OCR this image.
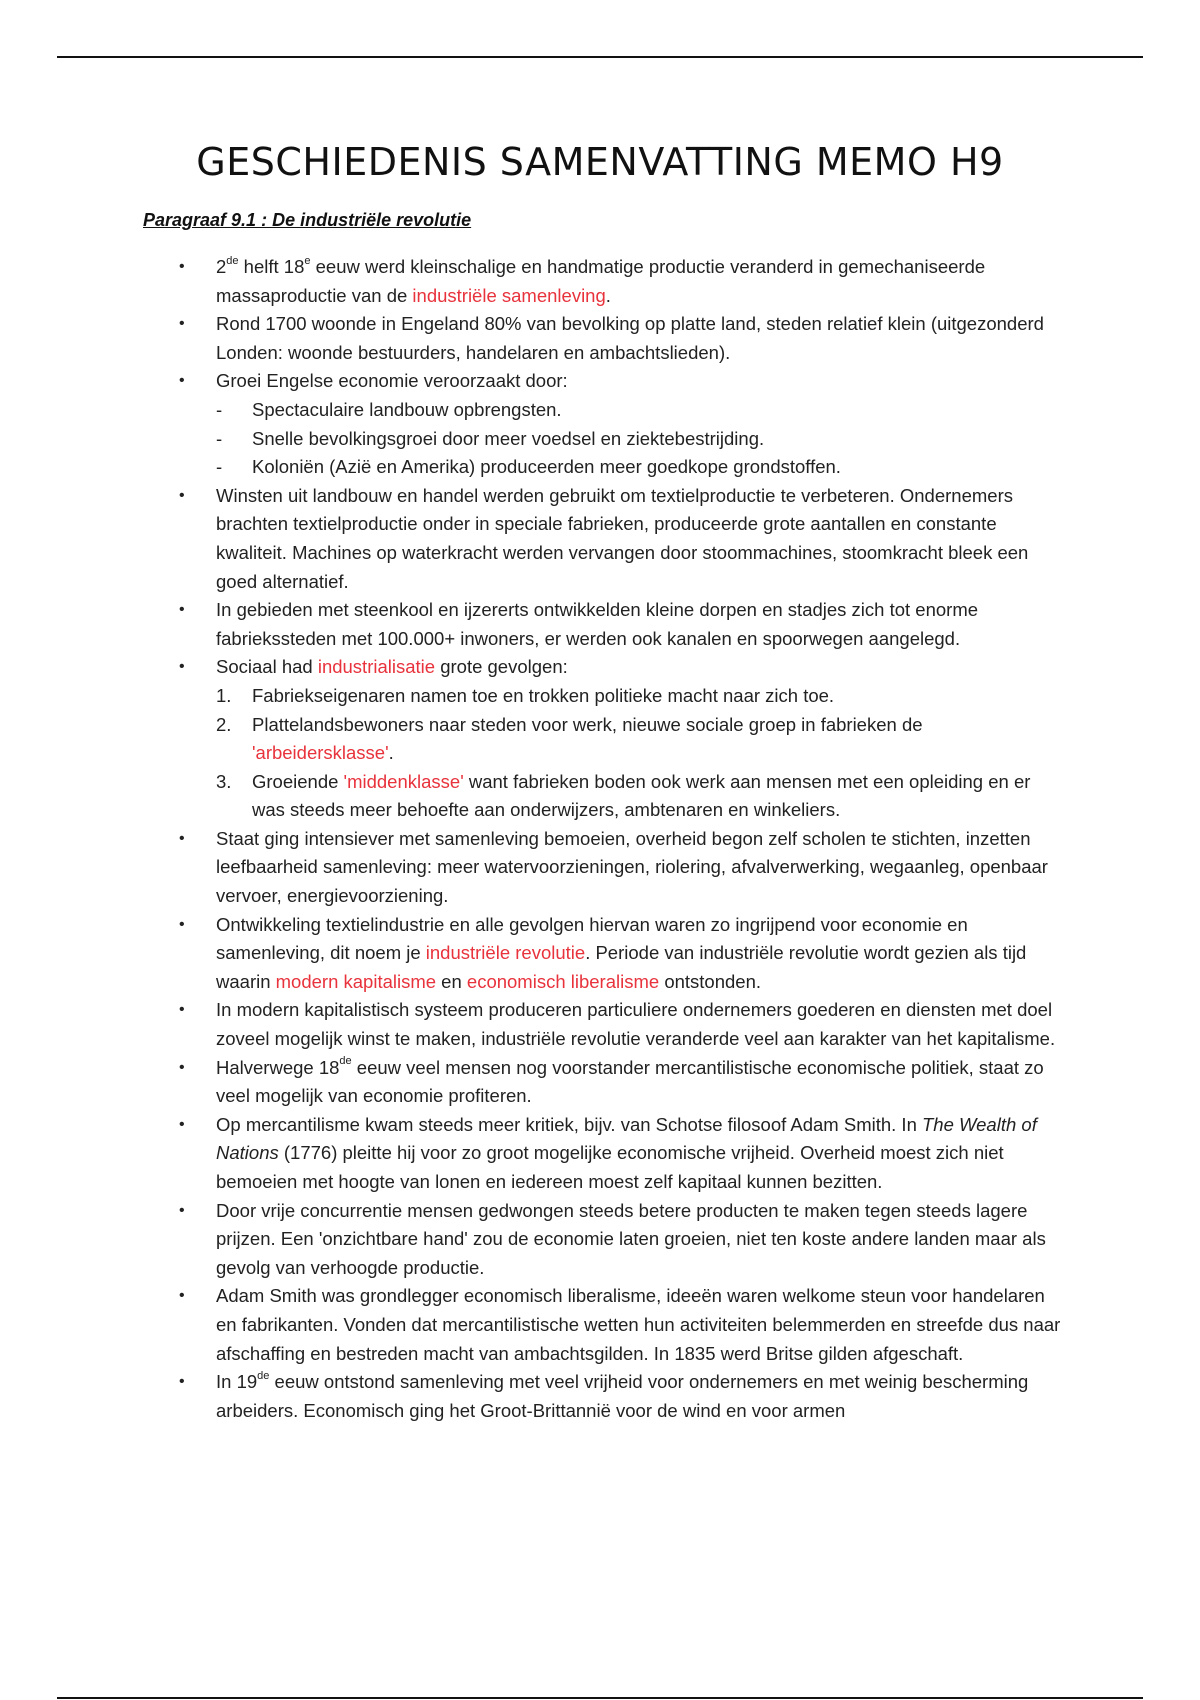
GESCHIEDENIS SAMENVATTING MEMO H9
Paragraaf 9.1 : De industriële revolutie
• 2de helft 18e eeuw werd kleinschalige en handmatige productie veranderd in gemechaniseerde massaproductie van de industriële samenleving.
• Rond 1700 woonde in Engeland 80% van bevolking op platte land, steden relatief klein (uitgezonderd Londen: woonde bestuurders, handelaren en ambachtslieden).
• Groei Engelse economie veroorzaakt door:
- Spectaculaire landbouw opbrengsten.
- Snelle bevolkingsgroei door meer voedsel en ziektebestrijding.
- Koloniën (Azië en Amerika) produceerden meer goedkope grondstoffen.
• Winsten uit landbouw en handel werden gebruikt om textielproductie te verbeteren. Ondernemers brachten textielproductie onder in speciale fabrieken, produceerde grote aantallen en constante kwaliteit. Machines op waterkracht werden vervangen door stoommachines, stoomkracht bleek een goed alternatief.
• In gebieden met steenkool en ijzererts ontwikkelden kleine dorpen en stadjes zich tot enorme fabriekssteden met 100.000+ inwoners, er werden ook kanalen en spoorwegen aangelegd.
• Sociaal had industrialisatie grote gevolgen:
1. Fabriekseigenaren namen toe en trokken politieke macht naar zich toe.
2. Plattelandsbewoners naar steden voor werk, nieuwe sociale groep in fabrieken de 'arbeidersklasse'.
3. Groeiende 'middenklasse' want fabrieken boden ook werk aan mensen met een opleiding en er was steeds meer behoefte aan onderwijzers, ambtenaren en winkeliers.
• Staat ging intensiever met samenleving bemoeien, overheid begon zelf scholen te stichten, inzetten leefbaarheid samenleving: meer watervoorzieningen, riolering, afvalverwerking, wegaanleg, openbaar vervoer, energievoorziening.
• Ontwikkeling textielindustrie en alle gevolgen hiervan waren zo ingrijpend voor economie en samenleving, dit noem je industriële revolutie. Periode van industriële revolutie wordt gezien als tijd waarin modern kapitalisme en economisch liberalisme ontstonden.
• In modern kapitalistisch systeem produceren particuliere ondernemers goederen en diensten met doel zoveel mogelijk winst te maken, industriële revolutie veranderde veel aan karakter van het kapitalisme.
• Halverwege 18de eeuw veel mensen nog voorstander mercantilistische economische politiek, staat zo veel mogelijk van economie profiteren.
• Op mercantilisme kwam steeds meer kritiek, bijv. van Schotse filosoof Adam Smith. In The Wealth of Nations (1776) pleitte hij voor zo groot mogelijke economische vrijheid. Overheid moest zich niet bemoeien met hoogte van lonen en iedereen moest zelf kapitaal kunnen bezitten.
• Door vrije concurrentie mensen gedwongen steeds betere producten te maken tegen steeds lagere prijzen. Een 'onzichtbare hand' zou de economie laten groeien, niet ten koste andere landen maar als gevolg van verhoogde productie.
• Adam Smith was grondlegger economisch liberalisme, ideeën waren welkome steun voor handelaren en fabrikanten. Vonden dat mercantilistische wetten hun activiteiten belemmerden en streefde dus naar afschaffing en bestreden macht van ambachtsgilden. In 1835 werd Britse gilden afgeschaft.
• In 19de eeuw ontstond samenleving met veel vrijheid voor ondernemers en met weinig bescherming arbeiders. Economisch ging het Groot-Brittannië voor de wind en voor armen
